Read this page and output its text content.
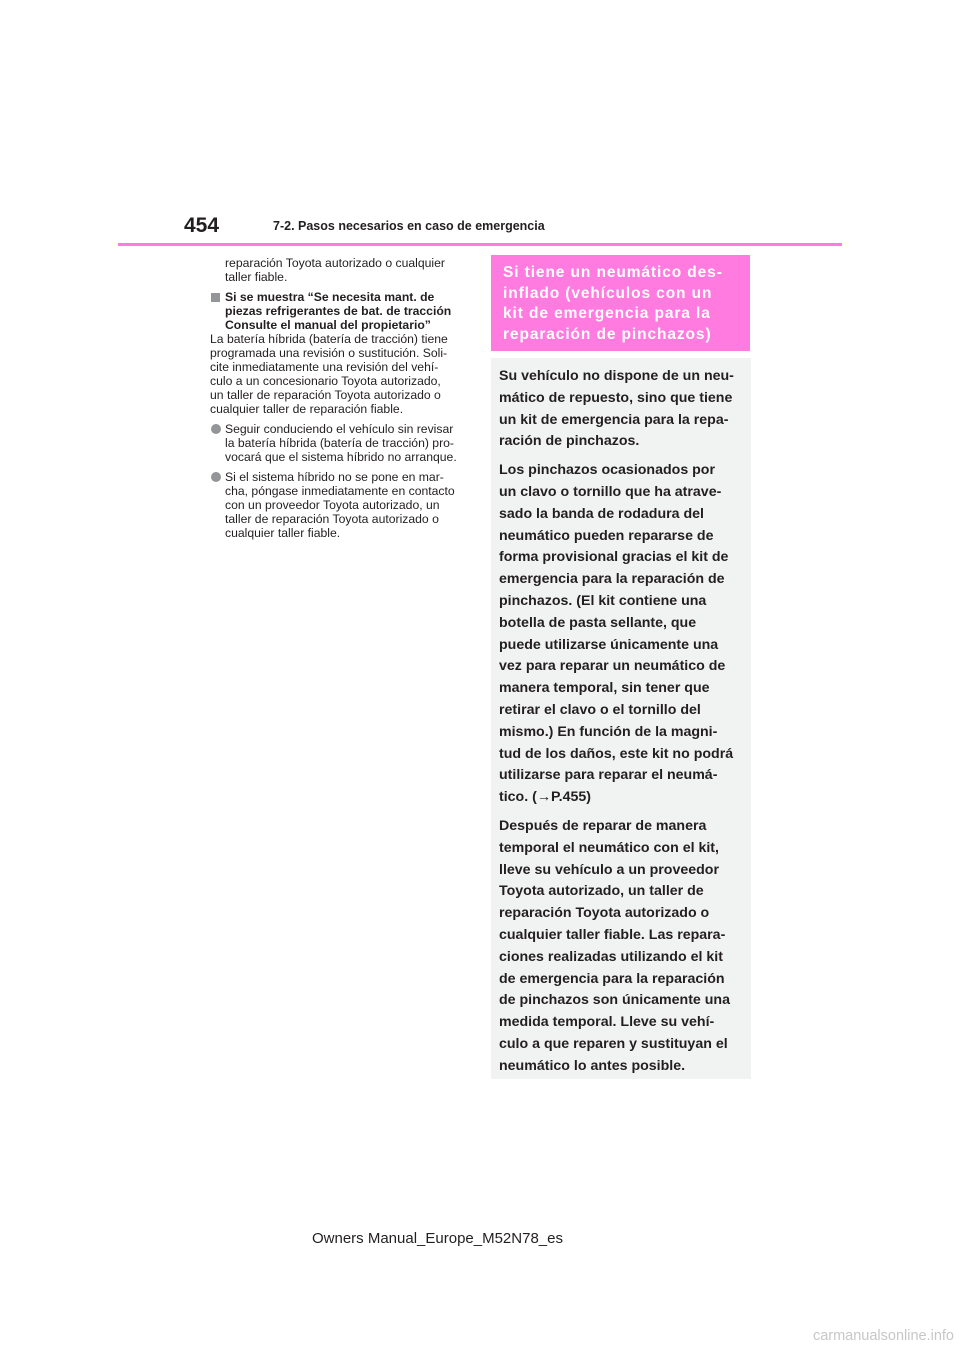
454	7-2. Pasos necesarios en caso de emergencia

reparación Toyota autorizado o cualquier

taller fiable.

Si se muestra “Se necesita mant. de

piezas refrigerantes de bat. de tracción

Consulte el manual del propietario”

La batería híbrida (batería de tracción) tiene

programada una revisión o sustitución. Soli-

cite inmediatamente una revisión del vehí-

culo a un concesionario Toyota autorizado,

un taller de reparación Toyota autorizado o

cualquier taller de reparación fiable.

Seguir conduciendo el vehículo sin revisar

la batería híbrida (batería de tracción) pro-

vocará que el sistema híbrido no arranque.

Si el sistema híbrido no se pone en mar-

cha, póngase inmediatamente en contacto

con un proveedor Toyota autorizado, un

taller de reparación Toyota autorizado o

cualquier taller fiable.

Si tiene un neumático des-
inflado (vehículos con un
kit de emergencia para la
reparación de pinchazos)

Su vehículo no dispone de un neu-
mático de repuesto, sino que tiene
un kit de emergencia para la repa-
ración de pinchazos.

Los pinchazos ocasionados por
un clavo o tornillo que ha atrave-
sado la banda de rodadura del
neumático pueden repararse de
forma provisional gracias el kit de
emergencia para la reparación de
pinchazos. (El kit contiene una
botella de pasta sellante, que
puede utilizarse únicamente una
vez para reparar un neumático de
manera temporal, sin tener que
retirar el clavo o el tornillo del
mismo.) En función de la magni-
tud de los daños, este kit no podrá
utilizarse para reparar el neumá-
tico. (→P.455)

Después de reparar de manera
temporal el neumático con el kit,
lleve su vehículo a un proveedor
Toyota autorizado, un taller de
reparación Toyota autorizado o
cualquier taller fiable. Las repara-
ciones realizadas utilizando el kit
de emergencia para la reparación
de pinchazos son únicamente una
medida temporal. Lleve su vehí-
culo a que reparen y sustituyan el
neumático lo antes posible.

Owners Manual_Europe_M52N78_es
carmanualsonline.info
